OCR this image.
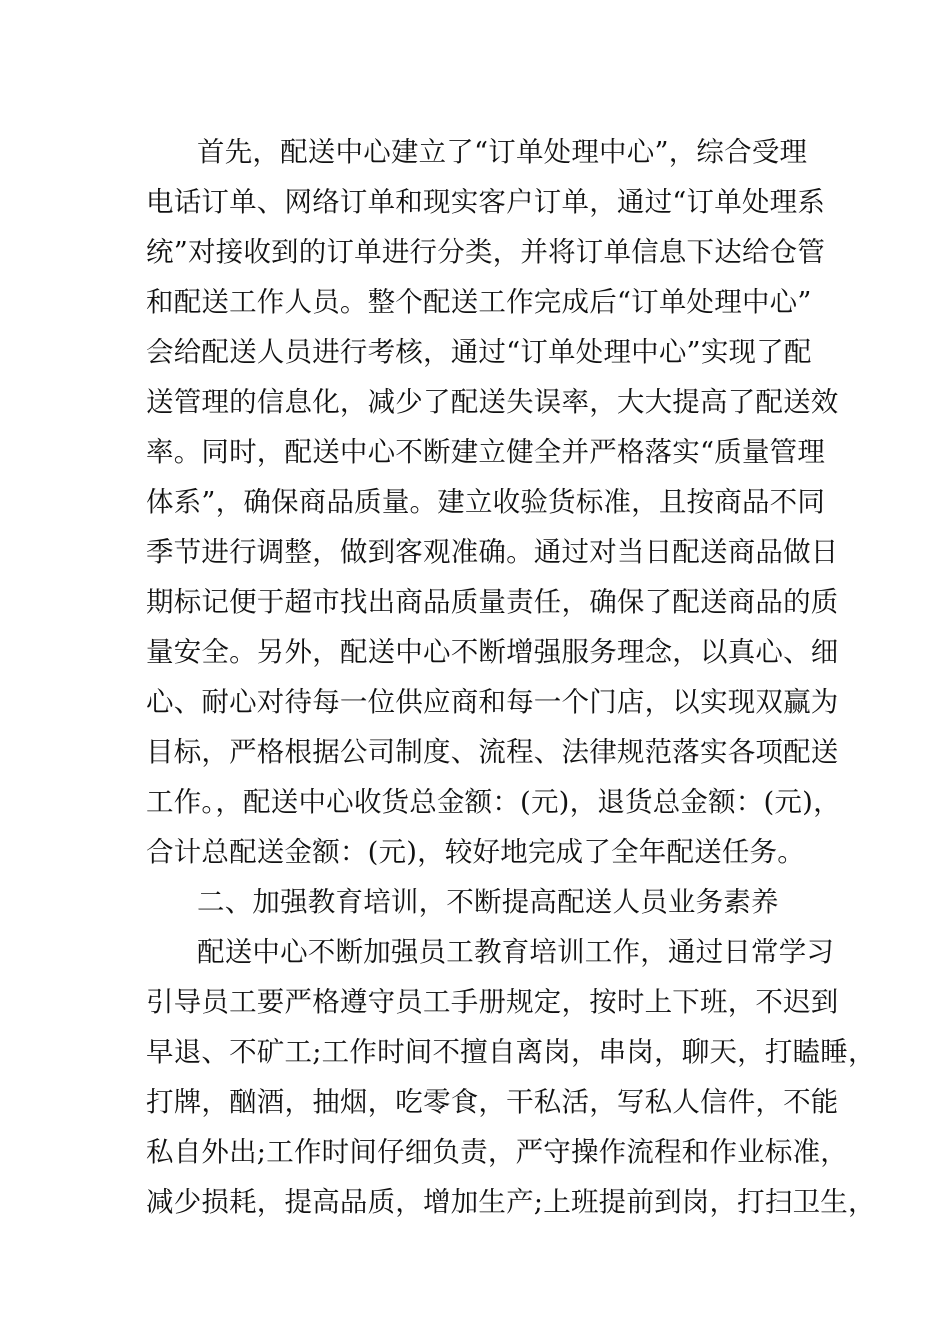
首先，配送中心建立了“订单处理中心”，综合受理
电话订单、网络订单和现实客户订单，通过“订单处理系
统”对接收到的订单进行分类，并将订单信息下达给仓管
和配送工作人员。整个配送工作完成后“订单处理中心”
会给配送人员进行考核，通过“订单处理中心”实现了配
送管理的信息化，减少了配送失误率，大大提高了配送效
率。同时，配送中心不断建立健全并严格落实“质量管理
体系”，确保商品质量。建立收验货标准，且按商品不同
季节进行调整，做到客观准确。通过对当日配送商品做日
期标记便于超市找出商品质量责任，确保了配送商品的质
量安全。另外，配送中心不断增强服务理念，以真心、细
心、耐心对待每一位供应商和每一个门店，以实现双赢为
目标，严格根据公司制度、流程、法律规范落实各项配送
工作。，配送中心收货总金额：(元)，退货总金额：(元)，
合计总配送金额：(元)，较好地完成了全年配送任务。
二、加强教育培训，不断提高配送人员业务素养
配送中心不断加强员工教育培训工作，通过日常学习
引导员工要严格遵守员工手册规定，按时上下班，不迟到
早退、不矿工;工作时间不擅自离岗，串岗，聊天，打瞌睡，
打牌，酗酒，抽烟，吃零食，干私活，写私人信件，不能
私自外出;工作时间仔细负责，严守操作流程和作业标准，
减少损耗，提高品质，增加生产;上班提前到岗，打扫卫生，
